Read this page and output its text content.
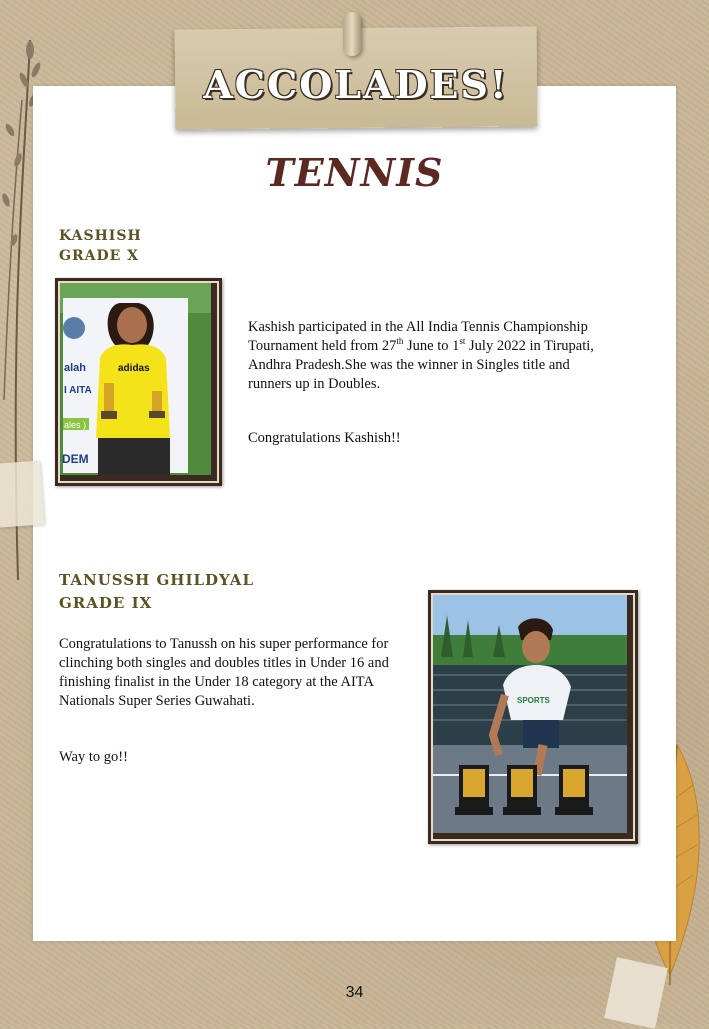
ACCOLADES!
TENNIS
KASHISH
GRADE X
alah
I AITA
ales )
DEM
adidas
Kashish participated in the All India Tennis Championship Tournament held from 27th June to 1st July 2022 in Tirupati, Andhra Pradesh.She was the winner in Singles title and runners up in Doubles.
Congratulations Kashish!!
TANUSSH GHILDYAL
GRADE IX
Congratulations to Tanussh on his super performance for clinching both singles and doubles titles in Under 16 and finishing finalist in the Under 18 category at the AITA Nationals Super Series Guwahati.
Way to go!!
SPORTS
34
